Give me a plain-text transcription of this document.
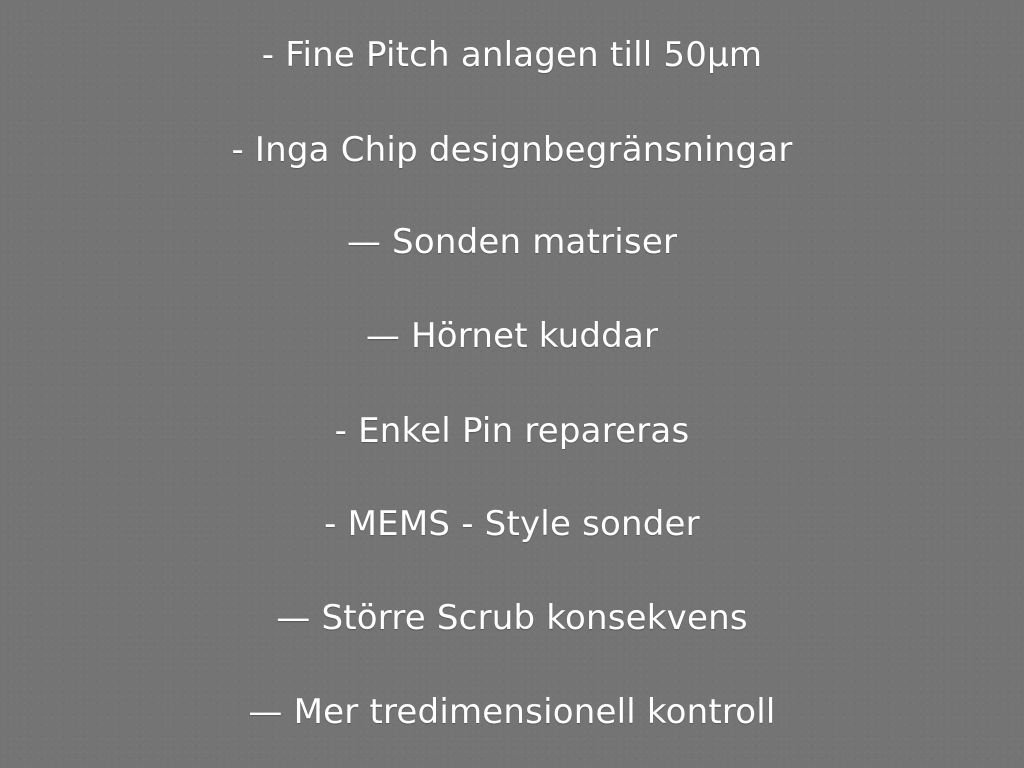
- Fine Pitch anlagen till 50μm
- Inga Chip designbegränsningar
— Sonden matriser
— Hörnet kuddar
- Enkel Pin repareras
- MEMS - Style sonder
— Större Scrub konsekvens
— Mer tredimensionell kontroll
